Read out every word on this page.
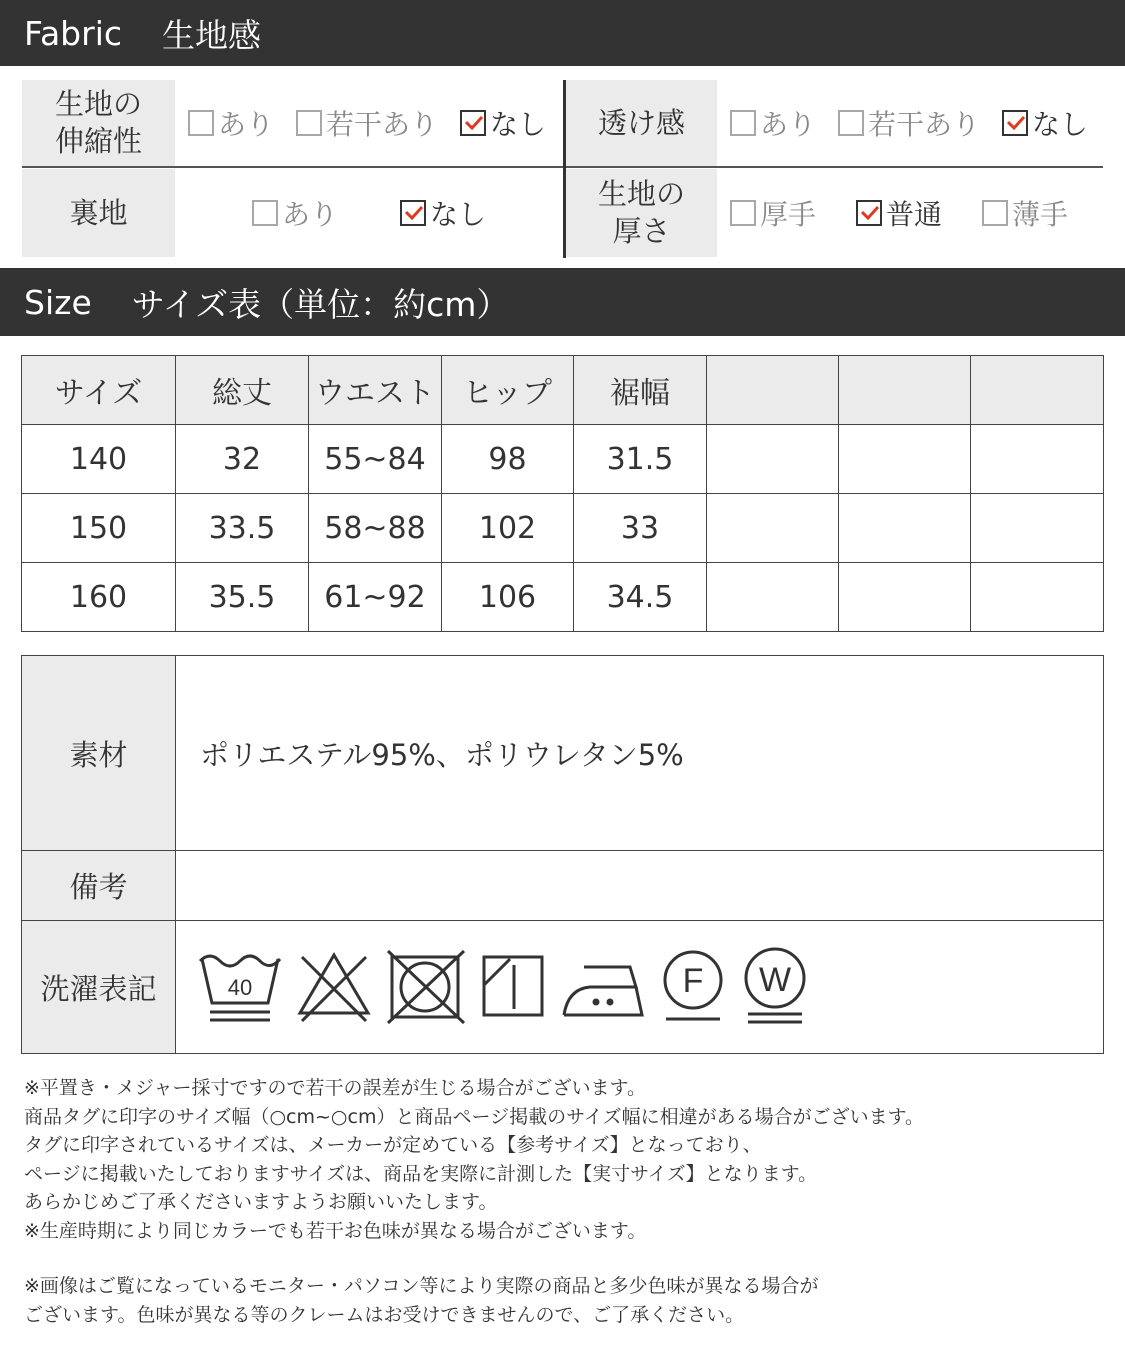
Fabric 生地感
生地の
伸縮性	あり 若干あり なし 透け感	あり 若干あり なし
裏地	あり	なし
生地の
厚さ	厚手	普通	薄手
Size サイズ表（単位：約cm）
サイズ	総丈	ウエスト	ヒップ	裾幅			
140	32	55~84	98	31.5			
150	33.5	58~88	102	33			
160	35.5	61~92	106	34.5			
素材	ポリエステル95%、ポリウレタン5%
備考	
洗濯表記	40 F W

※平置き・メジャー採寸ですので若干の誤差が生じる場合がございます。

商品タグに印字のサイズ幅（○cm~○cm）と商品ページ掲載のサイズ幅に相違がある場合がございます。

タグに印字されているサイズは、メーカーが定めている【参考サイズ】となっており、

ページに掲載いたしておりますサイズは、商品を実際に計測した【実寸サイズ】となります。

あらかじめご了承くださいますようお願いいたします。

※生産時期により同じカラーでも若干お色味が異なる場合がございます。

※画像はご覧になっているモニター・パソコン等により実際の商品と多少色味が異なる場合が

ございます。色味が異なる等のクレームはお受けできませんので、ご了承ください。
